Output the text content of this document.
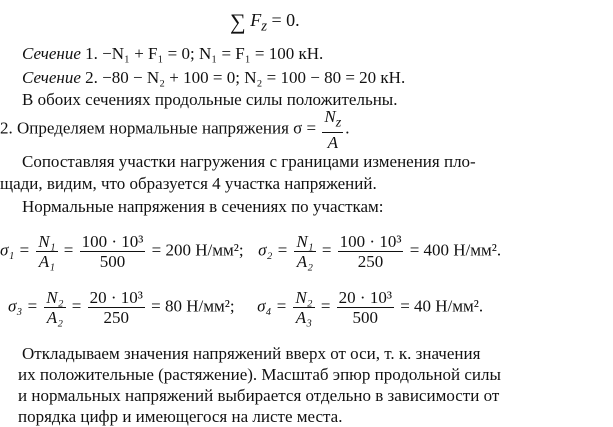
∑ $F_z = 0$.
Сечение 1. −N₁ + F₁ = 0; N₁ = F₁ = 100 кН.
Сечение 2. −80 − N₂ + 100 = 0; N₂ = 100 − 80 = 20 кН.
В обоих сечениях продольные силы положительны.
2. Определяем нормальные напряжения $\sigma = \frac{N_z}{A}$ .
Сопоставляя участки нагружения с границами изменения пло-
щади, видим, что образуется 4 участка напряжений.
Нормальные напряжения в сечениях по участкам:
$\sigma_1 = \frac{\text{N₁}}{\text{A₁}} = \frac{\text{100 · 10³}}{500} = 200$ Н/мм²; $\sigma_2 = \frac{\text{N₁}}{\text{A₂}} = \frac{\text{100 · 10³}}{250} = 400$ Н/мм².
$\sigma_3 = \frac{\text{N₂}}{\text{A₂}} = \frac{\text{20 · 10³}}{250} = 80$ Н/мм²; $\sigma_4 = \frac{\text{N₂}}{\text{A₃}} = \frac{\text{20 · 10³}}{500} = 40$ Н/мм².
Откладываем значения напряжений вверх от оси, т. к. значения
их положительные (растяжение). Масштаб эпюр продольной силы
и нормальных напряжений выбирается отдельно в зависимости от
порядка цифр и имеющегося на листе места.
